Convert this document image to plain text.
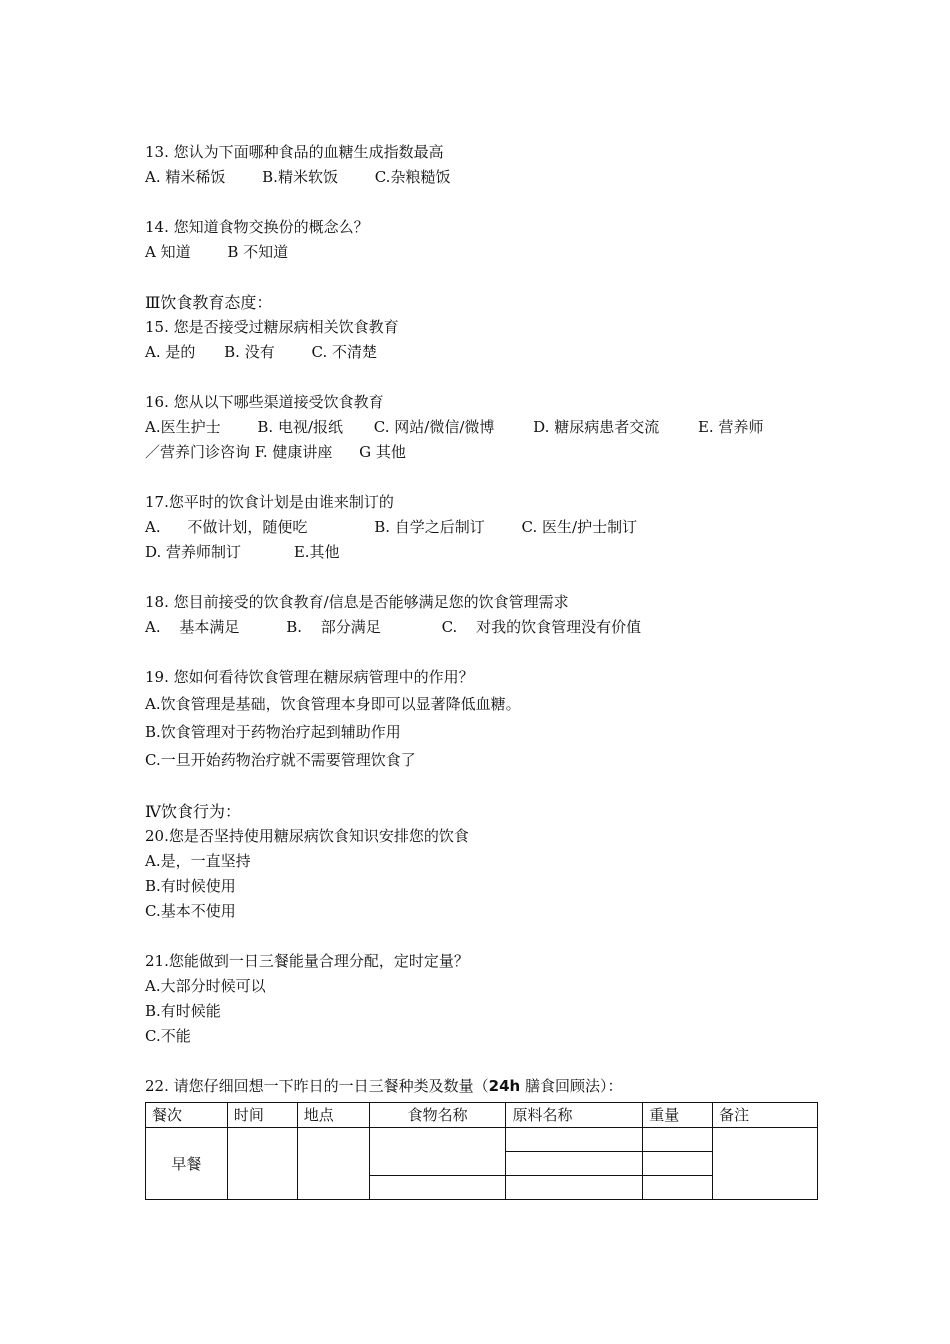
13. 您认为下面哪种食品的血糖生成指数最高
A. 精米稀饭 B.精米软饭 C.杂粮糙饭
14. 您知道食物交换份的概念么？
A 知道 B 不知道
Ⅲ饮食教育态度：
15. 您是否接受过糖尿病相关饮食教育
A. 是的 B. 没有 C. 不清楚
16. 您从以下哪些渠道接受饮食教育
A.医生护士 B. 电视/报纸 C. 网站/微信/微博	D. 糖尿病患者交流	E. 营养师
／营养门诊咨询 F. 健康讲座 G 其他
17.您平时的饮食计划是由谁来制订的
A. 不做计划，随便吃	B. 自学之后制订 C. 医生/护士制订
D. 营养师制订	E.其他
18. 您目前接受的饮食教育/信息是否能够满足您的饮食管理需求
A. 基本满足	B. 部分满足	C. 对我的饮食管理没有价值
19. 您如何看待饮食管理在糖尿病管理中的作用？
A.饮食管理是基础，饮食管理本身即可以显著降低血糖。
B.饮食管理对于药物治疗起到辅助作用
C.一旦开始药物治疗就不需要管理饮食了
Ⅳ饮食行为：
20.您是否坚持使用糖尿病饮食知识安排您的饮食
A.是，一直坚持
B.有时候使用
C.基本不使用
21.您能做到一日三餐能量合理分配，定时定量？
A.大部分时候可以
B.有时候能
C.不能
22. 请您仔细回想一下昨日的一日三餐种类及数量（24h 膳食回顾法）：
餐次	时间	地点	食物名称	原料名称	重量	备注
早餐						
